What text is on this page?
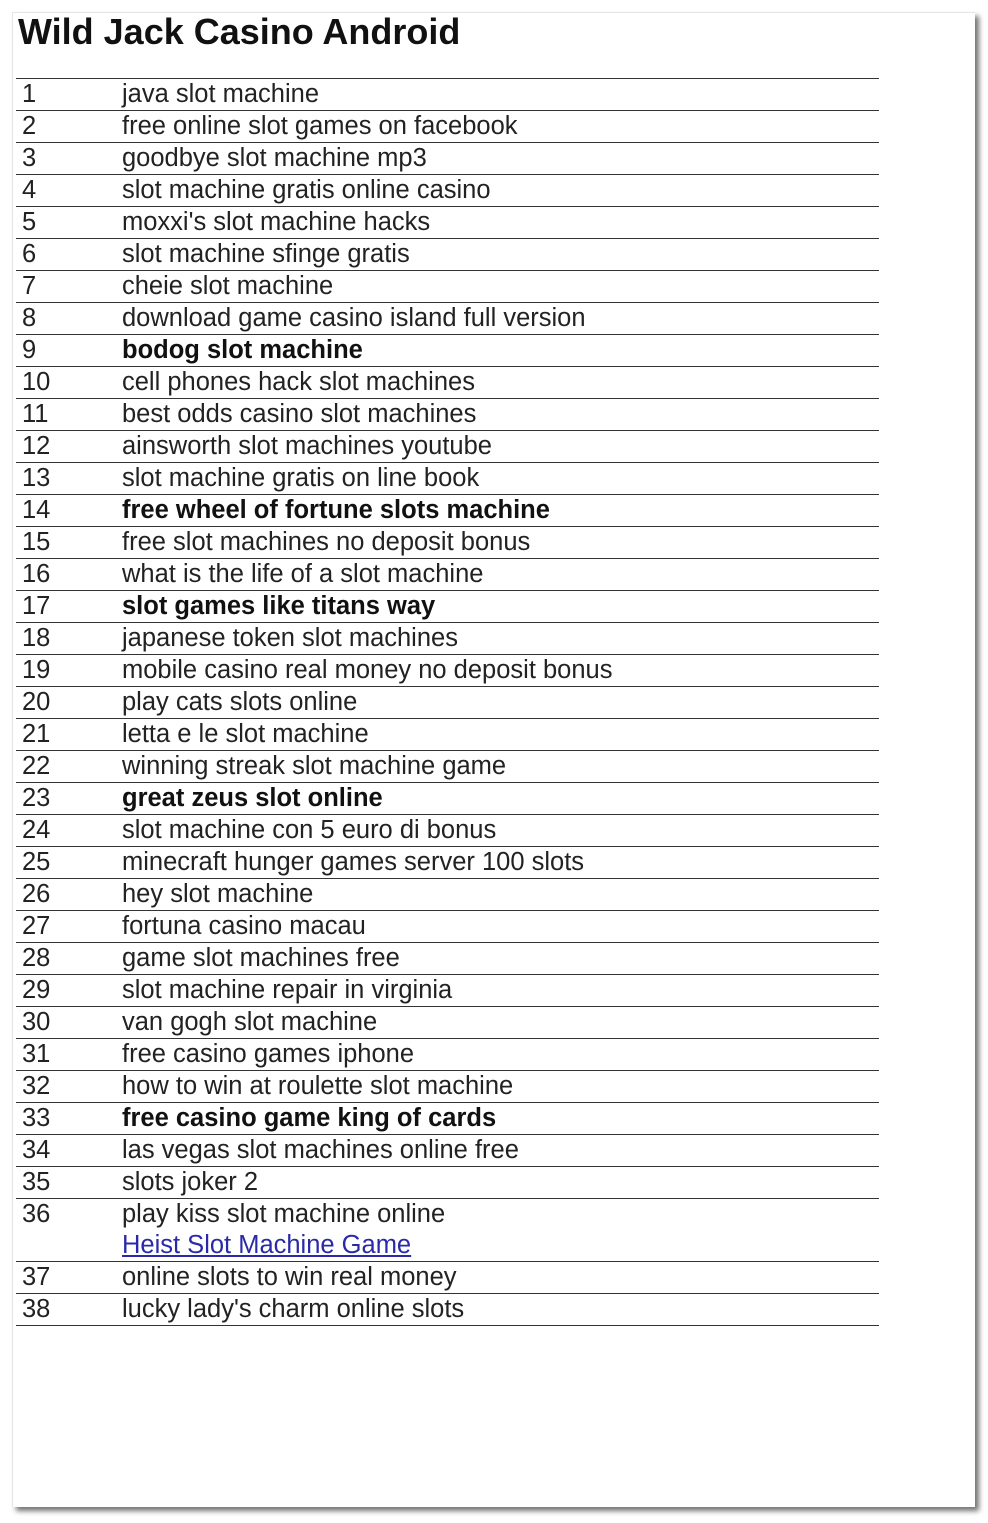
Wild Jack Casino Android
1	java slot machine
2	free online slot games on facebook
3	goodbye slot machine mp3
4	slot machine gratis online casino
5	moxxi's slot machine hacks
6	slot machine sfinge gratis
7	cheie slot machine
8	download game casino island full version
9	bodog slot machine
10	cell phones hack slot machines
11	best odds casino slot machines
12	ainsworth slot machines youtube
13	slot machine gratis on line book
14	free wheel of fortune slots machine
15	free slot machines no deposit bonus
16	what is the life of a slot machine
17	slot games like titans way
18	japanese token slot machines
19	mobile casino real money no deposit bonus
20	play cats slots online
21	letta e le slot machine
22	winning streak slot machine game
23	great zeus slot online
24	slot machine con 5 euro di bonus
25	minecraft hunger games server 100 slots
26	hey slot machine
27	fortuna casino macau
28	game slot machines free
29	slot machine repair in virginia
30	van gogh slot machine
31	free casino games iphone
32	how to win at roulette slot machine
33	free casino game king of cards
34	las vegas slot machines online free
35	slots joker 2
36	play kiss slot machine online
Heist Slot Machine Game

37	online slots to win real money
38	lucky lady's charm online slots
